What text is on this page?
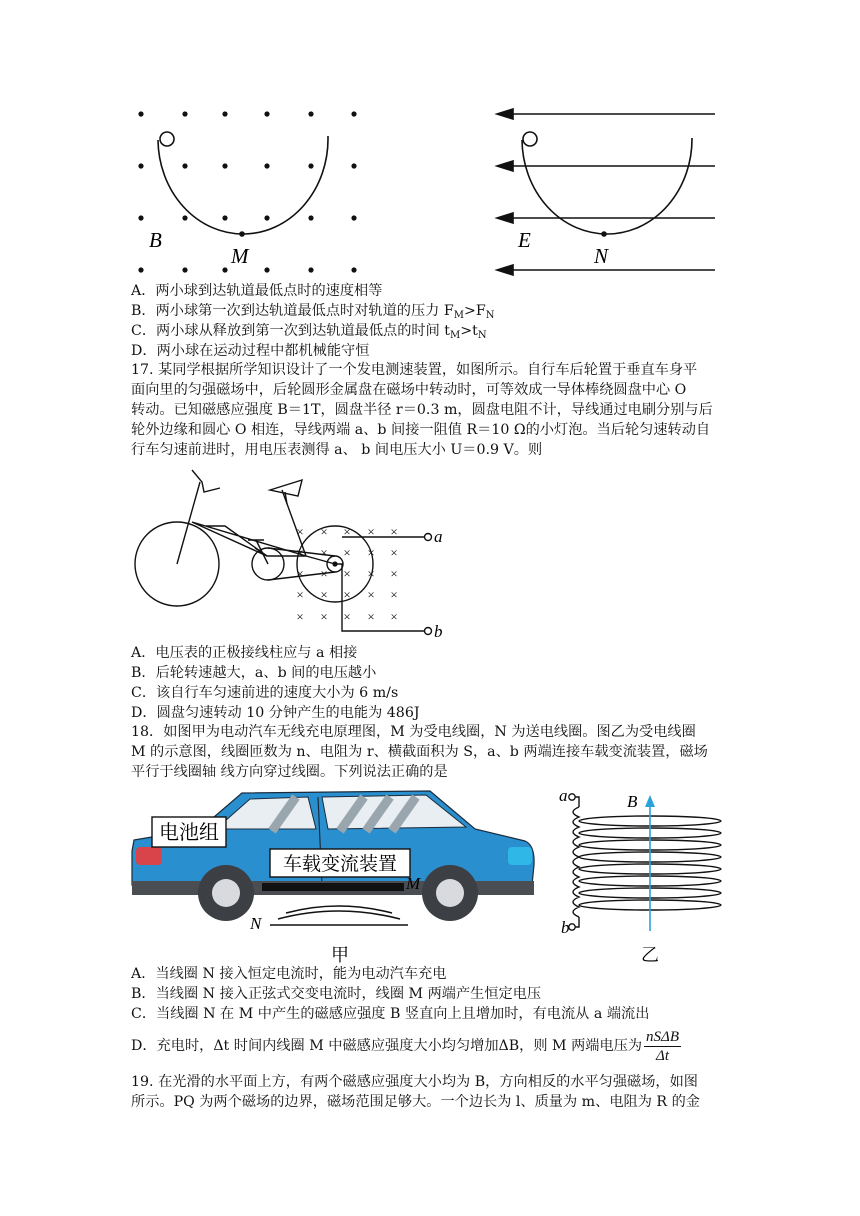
B
M
E
N
A．两小球到达轨道最低点时的速度相等
B．两小球第一次到达轨道最低点时对轨道的压力 $F_M>F_N$
C．两小球从释放到第一次到达轨道最低点的时间 $t_M>t_N$
D．两小球在运动过程中都机械能守恒
17. 某同学根据所学知识设计了一个发电测速装置，如图所示。自行车后轮置于垂直车身平
面向里的匀强磁场中，后轮圆形金属盘在磁场中转动时，可等效成一导体棒绕圆盘中心 O
转动。已知磁感应强度 B＝1T，圆盘半径 r＝0.3 m，圆盘电阻不计，导线通过电刷分别与后
轮外边缘和圆心 O 相连，导线两端 a、b 间接一阻值 R＝10 Ω的小灯泡。当后轮匀速转动自
行车匀速前进时，用电压表测得 a、 b 间电压大小 U＝0.9 V。则
× × × × ×
× × × × ×
× × × × ×
× × × × ×
× × × × ×
a
b
A．电压表的正极接线柱应与 a 相接
B．后轮转速越大，a、b 间的电压越小
C．该自行车匀速前进的速度大小为 6 m/s
D．圆盘匀速转动 10 分钟产生的电能为 486J
18．如图甲为电动汽车无线充电原理图，M 为受电线圈，N 为送电线圈。图乙为受电线圈
M 的示意图，线圈匝数为 n、电阻为 r、横截面积为 S，a、b 两端连接车载变流装置，磁场
平行于线圈轴 线方向穿过线圈。下列说法正确的是
电池组
车载变流装置
M
N
甲
a
b
B
乙
A．当线圈 N 接入恒定电流时，能为电动汽车充电
B．当线圈 N 接入正弦式交变电流时，线圈 M 两端产生恒定电压
C．当线圈 N 在 M 中产生的磁感应强度 B 竖直向上且增加时，有电流从 a 端流出
D．充电时，Δt 时间内线圈 M 中磁感应强度大小均匀增加ΔB，则 M 两端电压为 $\frac{\text{nSΔB}}{\Delta t}$
19. 在光滑的水平面上方，有两个磁感应强度大小均为 B，方向相反的水平匀强磁场，如图
所示。PQ 为两个磁场的边界，磁场范围足够大。一个边长为 l、质量为 m、电阻为 R 的金
